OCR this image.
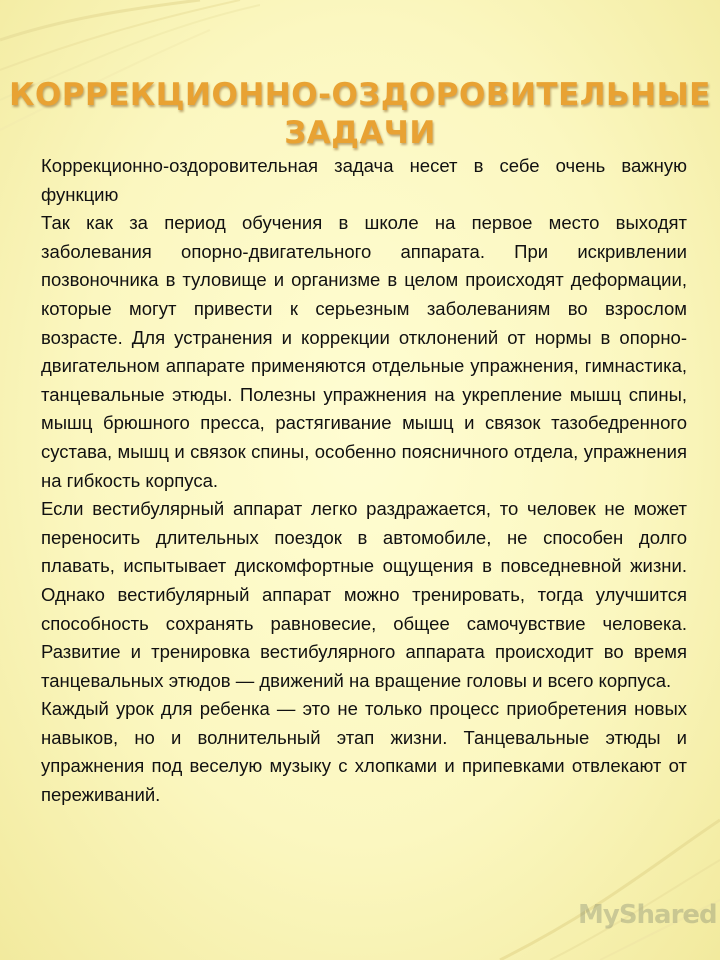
КОРРЕКЦИОННО-ОЗДОРОВИТЕЛЬНЫЕ
ЗАДАЧИ

Коррекционно-оздоровительная задача несет в себе очень важную функцию

Так как за период обучения в школе на первое место выходят заболевания опорно-двигательного аппарата. При искривлении позвоночника в туловище и организме в целом происходят деформации, которые могут привести к серьезным заболеваниям во взрослом возрасте. Для устранения и коррекции отклонений от нормы в опорно-двигательном аппарате применяются отдельные упражнения, гимнастика, танцевальные этюды. Полезны упражнения на укрепление мышц спины, мышц брюшного пресса, растягивание мышц и связок тазобедренного сустава, мышц и связок спины, особенно поясничного отдела, упражнения на гибкость корпуса.

Если вестибулярный аппарат легко раздражается, то человек не может переносить длительных поездок в автомобиле, не способен долго плавать, испытывает дискомфортные ощущения в повседневной жизни. Однако вестибулярный аппарат можно тренировать, тогда улучшится способность сохранять равновесие, общее самочувствие человека. Развитие и тренировка вестибулярного аппарата происходит во время танцевальных этюдов — движений на вращение головы и всего корпуса.

Каждый урок для ребенка — это не только процесс приобретения новых навыков, но и волнительный этап жизни. Танцевальные этюды и упражнения под веселую музыку с хлопками и припевками отвлекают от переживаний.

MyShared
